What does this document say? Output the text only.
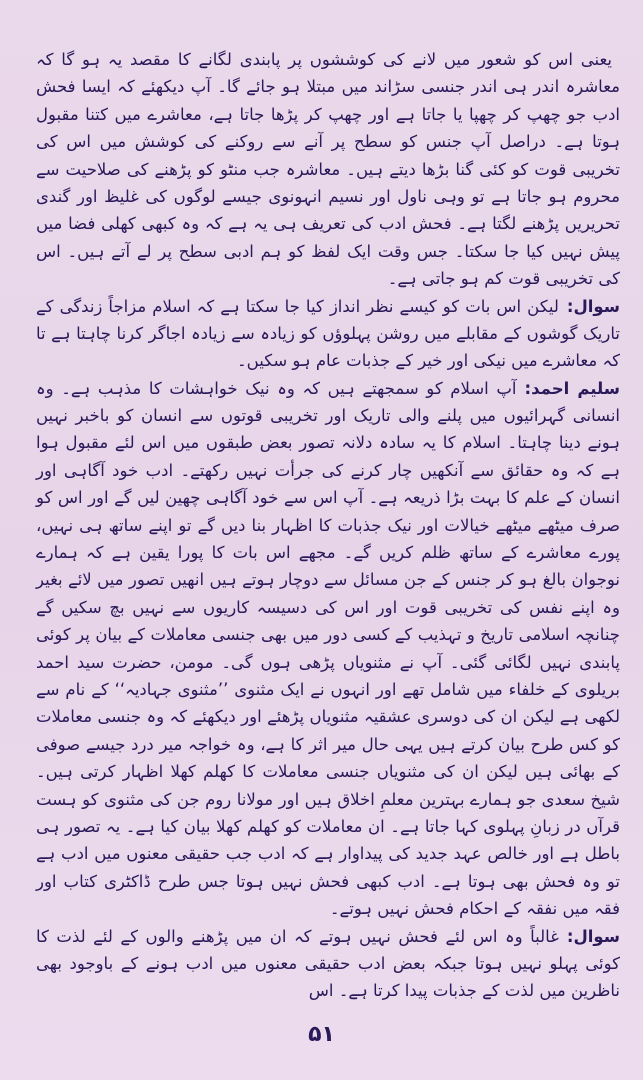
یعنی اس کو شعور میں لانے کی کوششوں پر پابندی لگانے کا مقصد یہ ہو گا کہ معاشرہ اندر ہی اندر جنسی سڑاند میں مبتلا ہو جائے گا۔ آپ دیکھئے کہ ایسا فحش ادب جو چھپ کر چھپا یا جاتا ہے اور چھپ کر پڑھا جاتا ہے، معاشرے میں کتنا مقبول ہوتا ہے۔ دراصل آپ جنس کو سطح پر آنے سے روکنے کی کوشش میں اس کی تخریبی قوت کو کئی گنا بڑھا دیتے ہیں۔ معاشرہ جب منٹو کو پڑھنے کی صلاحیت سے محروم ہو جاتا ہے تو وہی ناول اور نسیم انہونوی جیسے لوگوں کی غلیظ اور گندی تحریریں پڑھنے لگتا ہے۔ فحش ادب کی تعریف ہی یہ ہے کہ وہ کبھی کھلی فضا میں پیش نہیں کیا جا سکتا۔ جس وقت ایک لفظ کو ہم ادبی سطح پر لے آتے ہیں۔ اس کی تخریبی قوت کم ہو جاتی ہے۔

سوال:لیکن اس بات کو کیسے نظر انداز کیا جا سکتا ہے کہ اسلام مزاجاً زندگی کے تاریک گوشوں کے مقابلے میں روشن پہلوؤں کو زیادہ سے زیادہ اجاگر کرنا چاہتا ہے تا کہ معاشرے میں نیکی اور خیر کے جذبات عام ہو سکیں۔

سلیم احمد:آپ اسلام کو سمجھتے ہیں کہ وہ نیک خواہشات کا مذہب ہے۔ وہ انسانی گہرائیوں میں پلنے والی تاریک اور تخریبی قوتوں سے انسان کو باخبر نہیں ہونے دینا چاہتا۔ اسلام کا یہ سادہ دلانہ تصور بعض طبقوں میں اس لئے مقبول ہوا ہے کہ وہ حقائق سے آنکھیں چار کرنے کی جرأت نہیں رکھتے۔ ادب خود آگاہی اور انسان کے علم کا بہت بڑا ذریعہ ہے۔ آپ اس سے خود آگاہی چھین لیں گے اور اس کو صرف میٹھے میٹھے خیالات اور نیک جذبات کا اظہار بنا دیں گے تو اپنے ساتھ ہی نہیں، پورے معاشرے کے ساتھ ظلم کریں گے۔ مجھے اس بات کا پورا یقین ہے کہ ہمارے نوجوان بالغ ہو کر جنس کے جن مسائل سے دوچار ہوتے ہیں انھیں تصور میں لائے بغیر وہ اپنے نفس کی تخریبی قوت اور اس کی دسیسہ کاریوں سے نہیں بچ سکیں گے چنانچہ اسلامی تاریخ و تہذیب کے کسی دور میں بھی جنسی معاملات کے بیان پر کوئی پابندی نہیں لگائی گئی۔ آپ نے مثنویاں پڑھی ہوں گی۔ مومن، حضرت سید احمد بریلوی کے خلفاء میں شامل تھے اور انہوں نے ایک مثنوی ’’مثنوی جہادیہ‘‘ کے نام سے لکھی ہے لیکن ان کی دوسری عشقیہ مثنویاں پڑھئے اور دیکھئے کہ وہ جنسی معاملات کو کس طرح بیان کرتے ہیں یہی حال میر اثر کا ہے، وہ خواجہ میر درد جیسے صوفی کے بھائی ہیں لیکن ان کی مثنویاں جنسی معاملات کا کھلم کھلا اظہار کرتی ہیں۔ شیخ سعدی جو ہمارے بہترین معلمِ اخلاق ہیں اور مولانا روم جن کی مثنوی کو ہست قرآں در زبانِ پہلوی کہا جاتا ہے۔ ان معاملات کو کھلم کھلا بیان کیا ہے۔ یہ تصور ہی باطل ہے اور خالص عہد جدید کی پیداوار ہے کہ ادب جب حقیقی معنوں میں ادب ہے تو وہ فحش بھی ہوتا ہے۔ ادب کبھی فحش نہیں ہوتا جس طرح ڈاکٹری کتاب اور فقہ میں نفقہ کے احکام فحش نہیں ہوتے۔

سوال:غالباً وہ اس لئے فحش نہیں ہوتے کہ ان میں پڑھنے والوں کے لئے لذت کا کوئی پہلو نہیں ہوتا جبکہ بعض ادب حقیقی معنوں میں ادب ہونے کے باوجود بھی ناظرین میں لذت کے جذبات پیدا کرتا ہے۔ اس

۵۱
